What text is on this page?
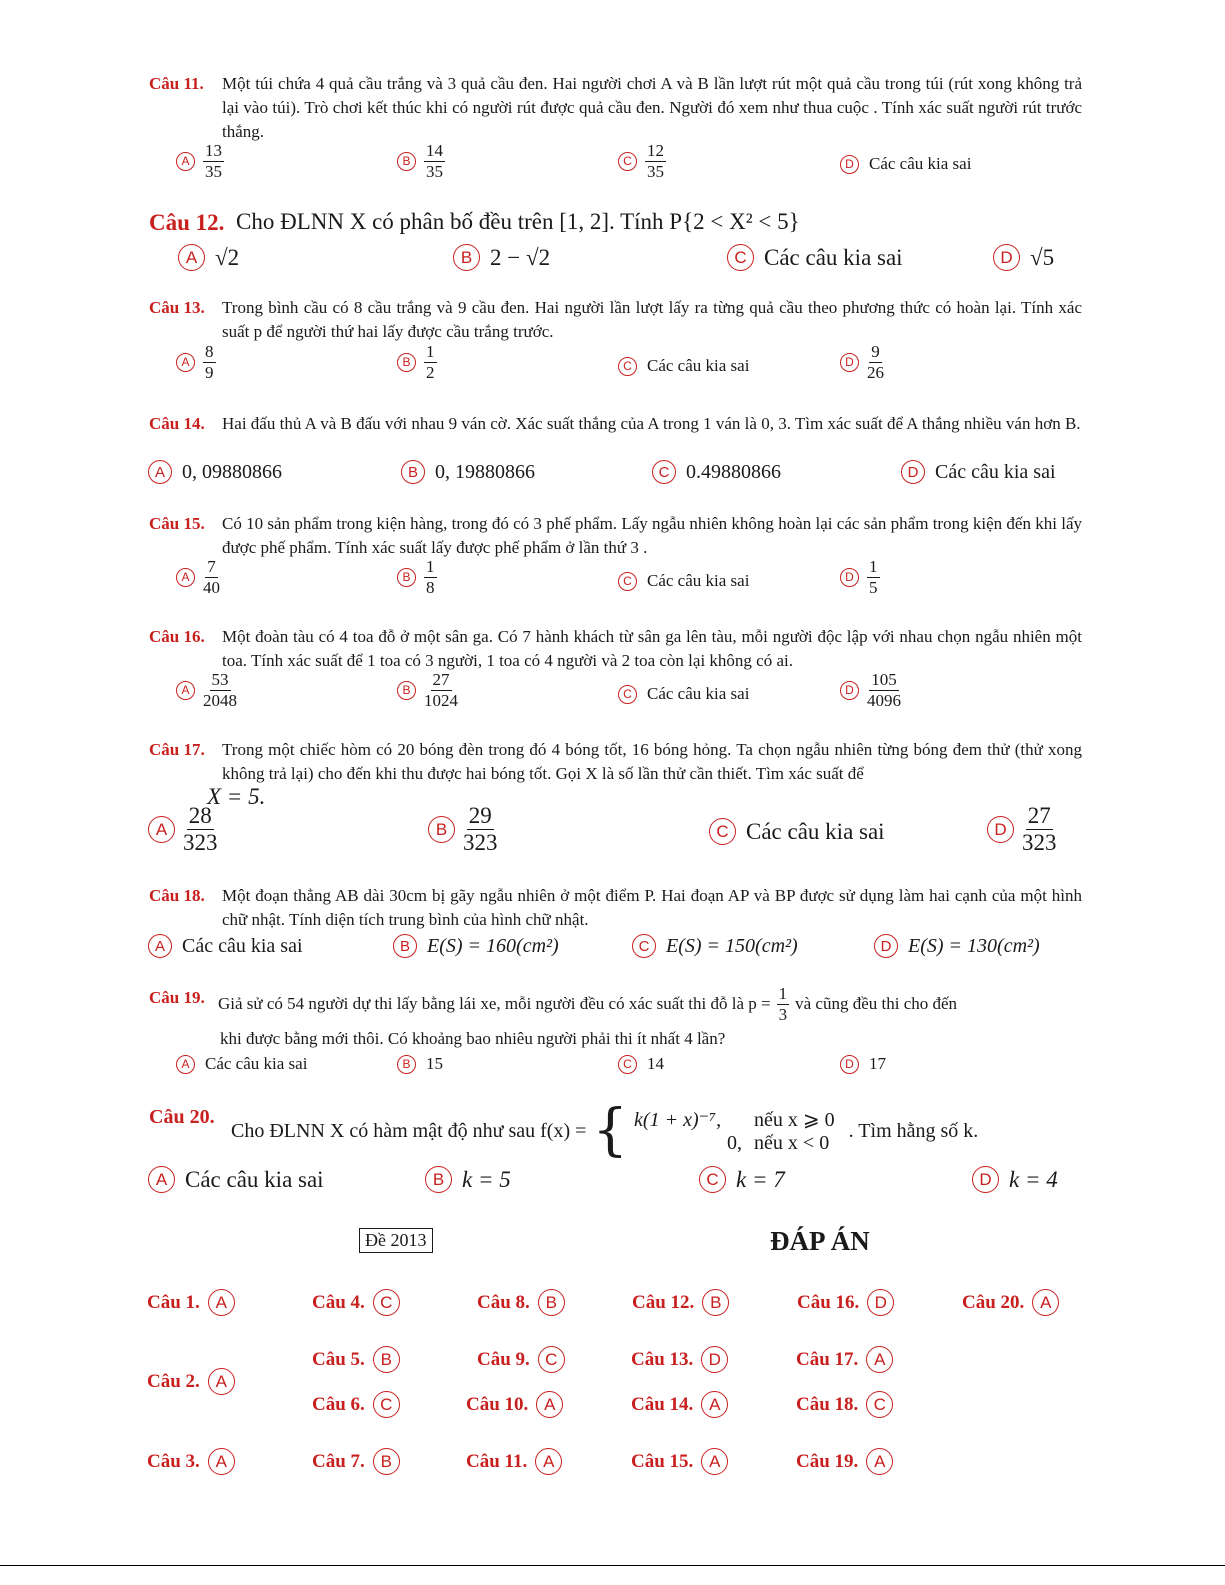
Câu 11. Một túi chứa 4 quả cầu trắng và 3 quả cầu đen. Hai người chơi A và B lần lượt rút một quả cầu trong túi (rút xong không trả lại vào túi). Trò chơi kết thúc khi có người rút được quả cầu đen. Người đó xem như thua cuộc . Tính xác suất người rút trước thắng.
A $\frac{13}{35}$	B $\frac{14}{35}$	C $\frac{12}{35}$	D Các câu kia sai
Câu 12. Cho ĐLNN X có phân bố đều trên [1, 2]. Tính P{2 < X² < 5}
A √2	B 2 − √2	C Các câu kia sai	D √5
Câu 13. Trong bình cầu có 8 cầu trắng và 9 cầu đen. Hai người lần lượt lấy ra từng quả cầu theo phương thức có hoàn lại. Tính xác suất p để người thứ hai lấy được cầu trắng trước.
A $\frac{8}{9}$	B $\frac{1}{2}$	C Các câu kia sai	D $\frac{9}{26}$
Câu 14. Hai đấu thủ A và B đấu với nhau 9 ván cờ. Xác suất thắng của A trong 1 ván là 0, 3. Tìm xác suất để A thắng nhiều ván hơn B.
A 0, 09880866	B 0, 19880866	C 0.49880866	D Các câu kia sai
Câu 15. Có 10 sản phẩm trong kiện hàng, trong đó có 3 phế phẩm. Lấy ngẫu nhiên không hoàn lại các sản phẩm trong kiện đến khi lấy được phế phẩm. Tính xác suất lấy được phế phẩm ở lần thứ 3 .
A $\frac{7}{40}$	B $\frac{1}{8}$	C Các câu kia sai	D $\frac{1}{5}$
Câu 16. Một đoàn tàu có 4 toa đỗ ở một sân ga. Có 7 hành khách từ sân ga lên tàu, mỗi người độc lập với nhau chọn ngẫu nhiên một toa. Tính xác suất để 1 toa có 3 người, 1 toa có 4 người và 2 toa còn lại không có ai.
A $\frac{53}{2048}$	B $\frac{27}{1024}$	C Các câu kia sai	D $\frac{105}{4096}$
Câu 17. Trong một chiếc hòm có 20 bóng đèn trong đó 4 bóng tốt, 16 bóng hỏng. Ta chọn ngẫu nhiên từng bóng đem thử (thử xong không trả lại) cho đến khi thu được hai bóng tốt. Gọi X là số lần thử cần thiết. Tìm xác suất để
X = 5.
A $\frac{28}{323}$	B $\frac{29}{323}$	C Các câu kia sai	D $\frac{27}{323}$
Câu 18. Một đoạn thẳng AB dài 30cm bị gãy ngẫu nhiên ở một điểm P. Hai đoạn AP và BP được sử dụng làm hai cạnh của một hình chữ nhật. Tính diện tích trung bình của hình chữ nhật.
A Các câu kia sai	B E(S) = 160(cm²)	C E(S) = 150(cm²)	D E(S) = 130(cm²)
Câu 19. Giả sử có 54 người dự thi lấy bằng lái xe, mỗi người đều có xác suất thi đỗ là $p = \frac{1}{3}$ và cũng đều thi cho đến
khi được bằng mới thôi. Có khoảng bao nhiêu người phải thi ít nhất 4 lần?
A Các câu kia sai	B 15	C 14	D 17
Câu 20.
Cho ĐLNN X có hàm mật độ như sau f(x) = { k(1 + x)⁻⁷, nếu x ⩾ 0
0, nếu x < 0
. Tìm hằng số k.
A Các câu kia sai	B k = 5	C k = 7	D k = 4
Đề 2013	ĐÁP ÁN
Câu 1. A	Câu 4. C	Câu 8. B	Câu 12. B	Câu 16. D	Câu 20. A
Câu 5. B	Câu 9. C	Câu 13. D	Câu 17. A
Câu 2. A
Câu 6. C	Câu 10. A	Câu 14. A	Câu 18. C
Câu 3. A	Câu 7. B	Câu 11. A	Câu 15. A	Câu 19. A
